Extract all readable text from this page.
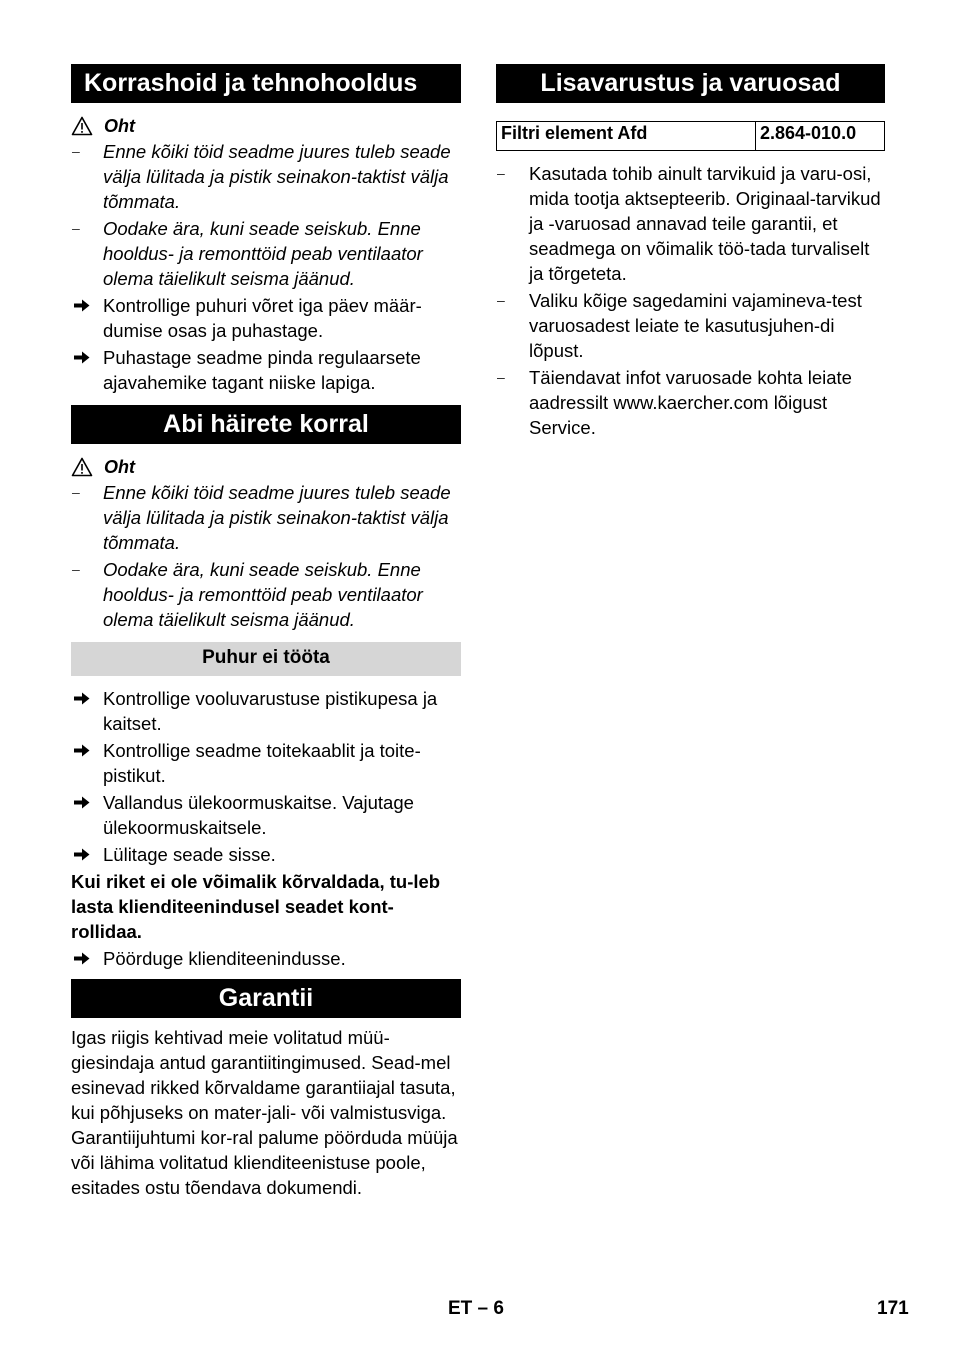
Korrashoid ja tehnohooldus
Oht
–	Enne kõiki töid seadme juures tuleb seade välja lülitada ja pistik seinakon-taktist välja tõmmata.
–	Oodake ära, kuni seade seiskub. Enne hooldus- ja remonttöid peab ventilaator olema täielikult seisma jäänud.
Kontrollige puhuri võret iga päev määr-dumise osas ja puhastage.
Puhastage seadme pinda regulaarsete ajavahemike tagant niiske lapiga.
Abi häirete korral
Oht
–	Enne kõiki töid seadme juures tuleb seade välja lülitada ja pistik seinakon-taktist välja tõmmata.
–	Oodake ära, kuni seade seiskub. Enne hooldus- ja remonttöid peab ventilaator olema täielikult seisma jäänud.
Puhur ei tööta
Kontrollige vooluvarustuse pistikupesa ja kaitset.
Kontrollige seadme toitekaablit ja toite-pistikut.
Vallandus ülekoormuskaitse. Vajutage ülekoormuskaitsele.
Lülitage seade sisse.
Kui riket ei ole võimalik kõrvaldada, tu-leb lasta klienditeenindusel seadet kont-rollidaa.
Pöörduge klienditeenindusse.
Garantii
Igas riigis kehtivad meie volitatud müü-giesindaja antud garantiitingimused. Sead-mel esinevad rikked kõrvaldame garantiiajal tasuta, kui põhjuseks on mater-jali- või valmistusviga. Garantiijuhtumi kor-ral palume pöörduda müüja või lähima volitatud klienditeenistuse poole, esitades ostu tõendava dokumendi.
Lisavarustus ja varuosad
Filtri element Afd	2.864-010.0
–	Kasutada tohib ainult tarvikuid ja varu-osi, mida tootja aktsepteerib. Originaal-tarvikud ja -varuosad annavad teile garantii, et seadmega on võimalik töö-tada turvaliselt ja tõrgeteta.
–	Valiku kõige sagedamini vajamineva-test varuosadest leiate te kasutusjuhen-di lõpust.
–	Täiendavat infot varuosade kohta leiate aadressilt www.kaercher.com lõigust Service.
ET – 6	171
